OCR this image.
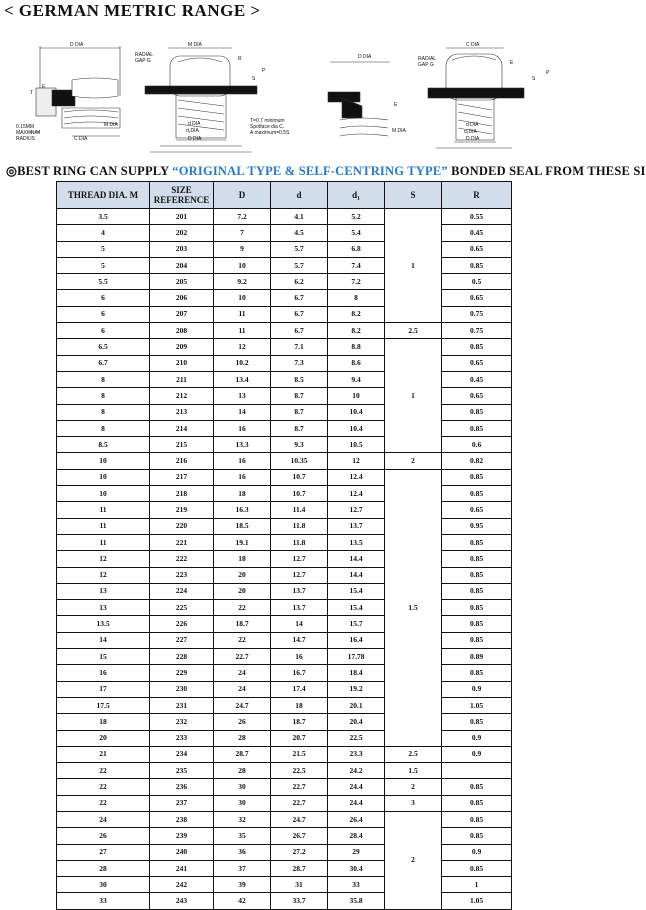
< GERMAN METRIC RANGE >
D DIA	M DIA
RADIAL
GAP G	R
S
P
T
E
M DIA
C DIA
d DIA
d₁DIA
D DIA
0.15MM
MAXIMUM
RADIUS
T=0.7 minimum
Spotface dia C.
A maximum=0.5S
D DIA	RADIAL
GAP G
C DIA
E
S
P
E
M DIA
d DIA
d₁DIA
D DIA
◎BEST RING CAN SUPPLY “ORIGINAL TYPE & SELF-CENTRING TYPE” BONDED SEAL FROM THESE SI
THREAD DIA. M	SIZE REFERENCE	D	d	d₁	S	R
3.5	201	7.2	4.1	5.2	1	0.55
4	202	7	4.5	5.4		0.45
5	203	9	5.7	6.8		0.65
5	204	10	5.7	7.4		0.85
5.5	205	9.2	6.2	7.2		0.5
6	206	10	6.7	8		0.65
6	207	11	6.7	8.2		0.75
6	208	11	6.7	8.2	2.5	0.75
6.5	209	12	7.1	8.8	1	0.85
6.7	210	10.2	7.3	8.6		0.65
8	211	13.4	8.5	9.4		0.45
8	212	13	8.7	10		0.65
8	213	14	8.7	10.4		0.85
8	214	16	8.7	10.4		0.85
8.5	215	13.3	9.3	10.5		0.6
10	216	16	10.35	12	2	0.82
10	217	16	10.7	12.4	1.5	0.85
10	218	18	10.7	12.4		0.85
11	219	16.3	11.4	12.7		0.65
11	220	18.5	11.8	13.7		0.95
11	221	19.1	11.8	13.5		0.85
12	222	18	12.7	14.4		0.85
12	223	20	12.7	14.4		0.85
13	224	20	13.7	15.4		0.85
13	225	22	13.7	15.4		0.85
13.5	226	18.7	14	15.7		0.85
14	227	22	14.7	16.4		0.85
15	228	22.7	16	17.78		0.89
16	229	24	16.7	18.4		0.85
17	230	24	17.4	19.2		0.9
17.5	231	24.7	18	20.1		1.05
18	232	26	18.7	20.4		0.85
20	233	28	20.7	22.5		0.9
21	234	28.7	21.5	23.3	2.5	0.9
22	235	28	22.5	24.2	1.5	
22	236	30	22.7	24.4	2	0.85
22	237	30	22.7	24.4	3	0.85
24	238	32	24.7	26.4	2	0.85
26	239	35	26.7	28.4		0.85
27	240	36	27.2	29		0.9
28	241	37	28.7	30.4		0.85
30	242	39	31	33		1
33	243	42	33.7	35.8		1.05
